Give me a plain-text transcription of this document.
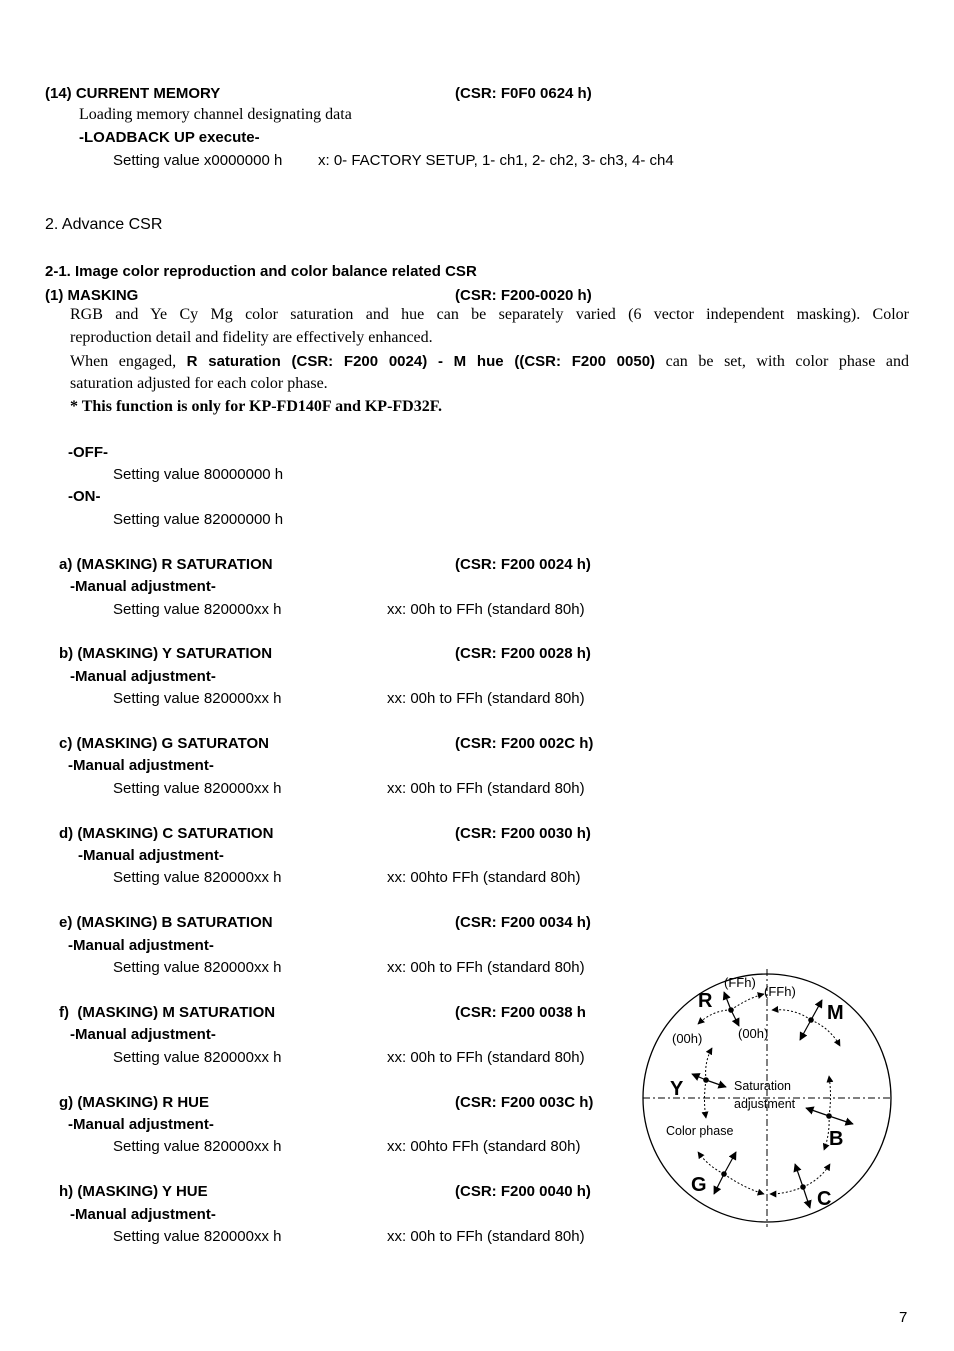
(14) CURRENT MEMORY	(CSR: F0F0 0624 h)
Loading memory channel designating data
-LOADBACK UP execute-
Setting value x0000000 h x: 0- FACTORY SETUP, 1- ch1, 2- ch2, 3- ch3, 4- ch4
2. Advance CSR
2-1. Image color reproduction and color balance related CSR
(1) MASKING	(CSR: F200-0020 h)
RGB and Ye Cy Mg color saturation and hue can be separately varied (6 vector independent masking). Color
reproduction detail and fidelity are effectively enhanced.
When engaged, R saturation (CSR: F200 0024) - M hue ((CSR: F200 0050) can be set, with color phase and
saturation adjusted for each color phase.
* This function is only for KP-FD140F and KP-FD32F.
-OFF-
Setting value 80000000 h
-ON-
Setting value 82000000 h
a) (MASKING) R SATURATION	(CSR: F200 0024 h)
-Manual adjustment-
Setting value 820000xx h	xx: 00h to FFh (standard 80h)
b) (MASKING) Y SATURATION	(CSR: F200 0028 h)
-Manual adjustment-
Setting value 820000xx h	xx: 00h to FFh (standard 80h)
c) (MASKING) G SATURATON	(CSR: F200 002C h)
-Manual adjustment-
Setting value 820000xx h	xx: 00h to FFh (standard 80h)
d) (MASKING) C SATURATION	(CSR: F200 0030 h)
-Manual adjustment-
Setting value 820000xx h	xx: 00hto FFh (standard 80h)
e) (MASKING) B SATURATION	(CSR: F200 0034 h)
-Manual adjustment-
Setting value 820000xx h	xx: 00h to FFh (standard 80h)
f)  (MASKING) M SATURATION	(CSR: F200 0038 h
-Manual adjustment-
Setting value 820000xx h	xx: 00h to FFh (standard 80h)
g) (MASKING) R HUE	(CSR: F200 003C h)
-Manual adjustment-
Setting value 820000xx h	xx: 00hto FFh (standard 80h)
h) (MASKING) Y HUE	(CSR: F200 0040 h)
-Manual adjustment-
Setting value 820000xx h	xx: 00h to FFh (standard 80h)
R
M
Y
B
G
C
(FFh)
(FFh)
(00h)	(00h)
Saturation
adjustment
Color phase
7
